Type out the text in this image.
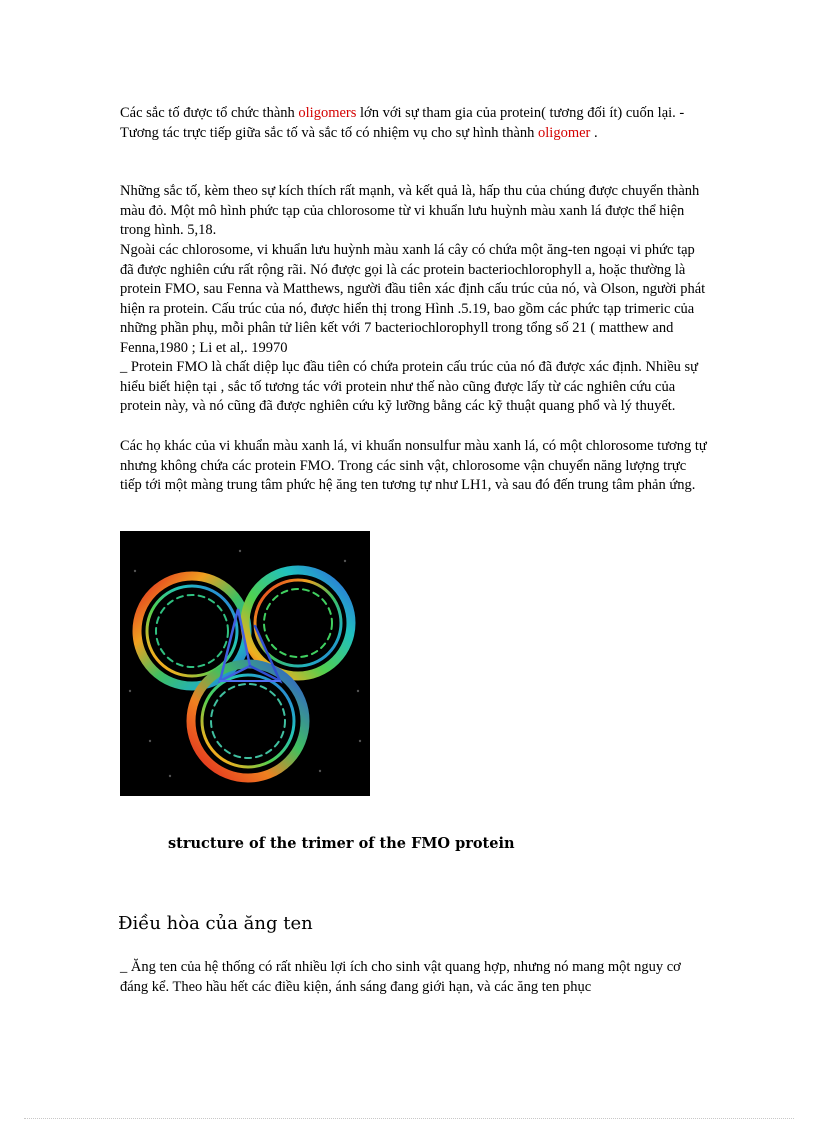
Các sắc tố được tổ chức thành oligomers lớn với sự tham gia của protein( tương đối ít) cuốn lại. -Tương tác trực tiếp giữa sắc tố và sắc tố có nhiệm vụ cho sự hình thành oligomer .

Những sắc tố, kèm theo sự kích thích rất mạnh, và kết quả là, hấp thu của chúng được chuyển thành màu đỏ. Một mô hình phức tạp của chlorosome từ vi khuẩn lưu huỳnh màu xanh lá được thể hiện trong hình. 5,18.

Ngoài các chlorosome, vi khuẩn lưu huỳnh màu xanh lá cây có chứa một ăng-ten ngoại vi phức tạp đã được nghiên cứu rất rộng rãi. Nó được gọi là các protein bacteriochlorophyll a, hoặc thường là protein FMO, sau Fenna và Matthews, người đầu tiên xác định cấu trúc của nó, và Olson, người phát hiện ra protein. Cấu trúc của nó, được hiển thị trong Hình .5.19, bao gồm các phức tạp trimeric của những phần phụ, mỗi phân tử liên kết với 7 bacteriochlorophyll trong tổng số 21 ( matthew and Fenna,1980 ; Li et al,. 19970

_ Protein FMO là chất diệp lục đầu tiên có chứa protein cấu trúc của nó đã được xác định. Nhiều sự hiểu biết hiện tại , sắc tố tương tác với protein như thế nào cũng được lấy từ các nghiên cứu của protein này, và nó cũng đã được nghiên cứu kỹ lưỡng bằng các kỹ thuật quang phổ và lý thuyết.

Các họ khác của vi khuẩn màu xanh lá, vi khuẩn nonsulfur màu xanh lá, có một chlorosome tương tự nhưng không chứa các protein FMO. Trong các sinh vật, chlorosome vận chuyển năng lượng trực tiếp tới một màng trung tâm phức hệ ăng ten tương tự như LH1, và sau đó đến trung tâm phản ứng.

structure of the trimer of the FMO protein

Điều hòa của ăng ten

_ Ăng ten của hệ thống có rất nhiều lợi ích cho sinh vật quang hợp, nhưng nó mang một nguy cơ đáng kể. Theo hầu hết các điều kiện, ánh sáng đang giới hạn, và các ăng ten phục
